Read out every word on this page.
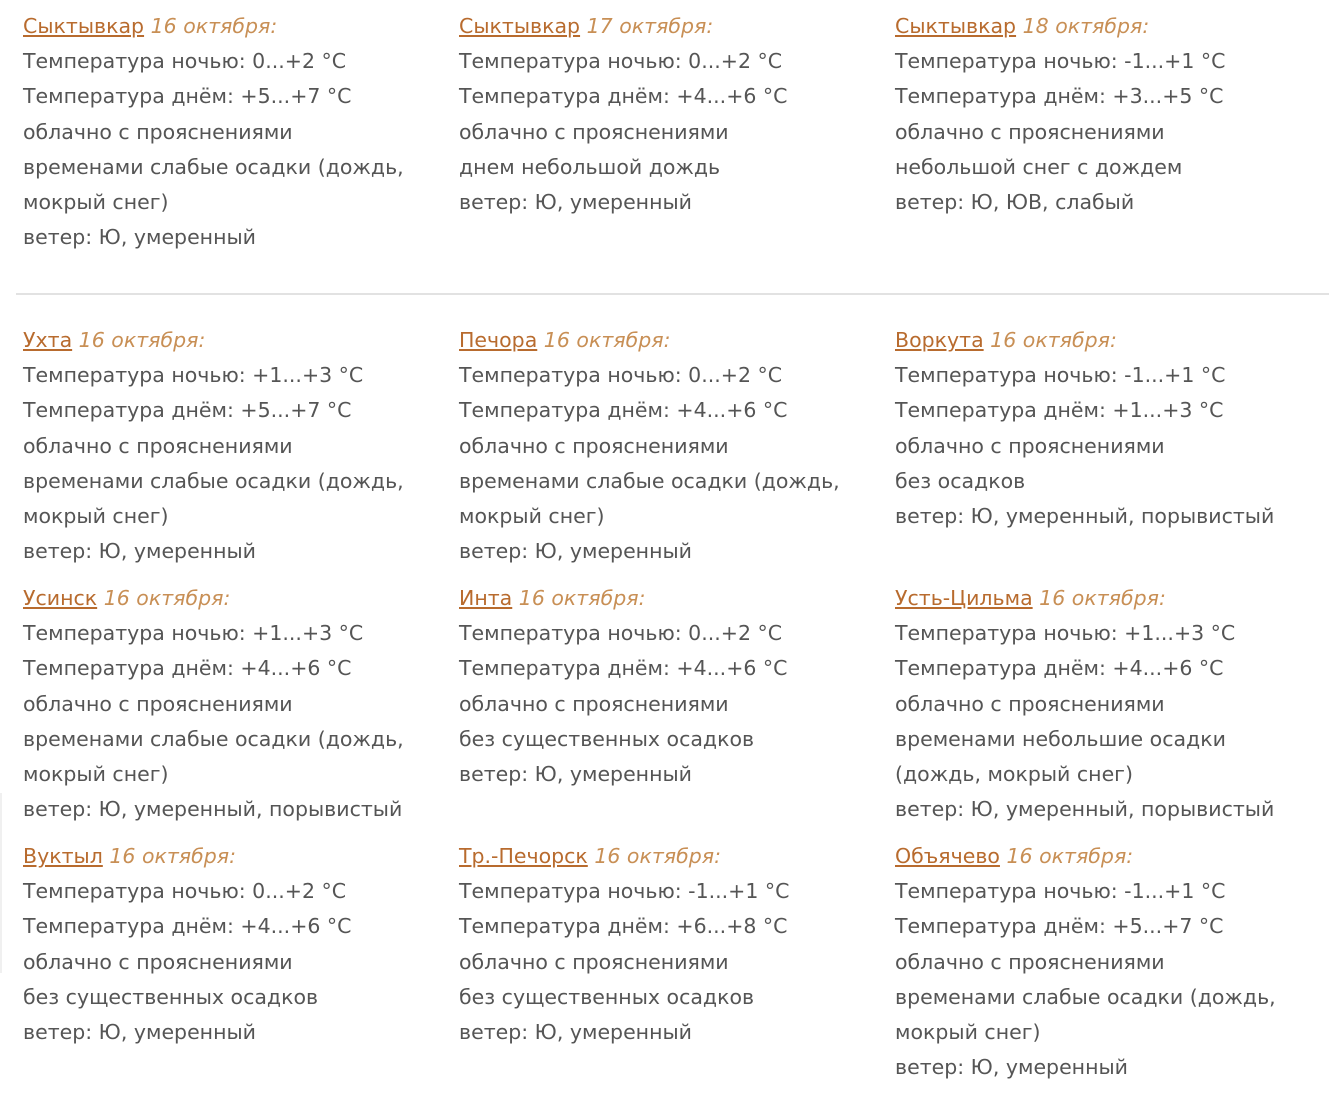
Сыктывкар 16 октября:

Температура ночью: 0...+2 °C

Температура днём: +5...+7 °C

облачно с прояснениями

временами слабые осадки (дождь, мокрый снег)

ветер: Ю, умеренный

Сыктывкар 17 октября:

Температура ночью: 0...+2 °C

Температура днём: +4...+6 °C

облачно с прояснениями

днем небольшой дождь

ветер: Ю, умеренный

Сыктывкар 18 октября:

Температура ночью: -1...+1 °C

Температура днём: +3...+5 °C

облачно с прояснениями

небольшой снег с дождем

ветер: Ю, ЮВ, слабый

Ухта 16 октября:

Температура ночью: +1...+3 °C

Температура днём: +5...+7 °C

облачно с прояснениями

временами слабые осадки (дождь, мокрый снег)

ветер: Ю, умеренный

Печора 16 октября:

Температура ночью: 0...+2 °C

Температура днём: +4...+6 °C

облачно с прояснениями

временами слабые осадки (дождь, мокрый снег)

ветер: Ю, умеренный

Воркута 16 октября:

Температура ночью: -1...+1 °C

Температура днём: +1...+3 °C

облачно с прояснениями

без осадков

ветер: Ю, умеренный, порывистый

Усинск 16 октября:

Температура ночью: +1...+3 °C

Температура днём: +4...+6 °C

облачно с прояснениями

временами слабые осадки (дождь, мокрый снег)

ветер: Ю, умеренный, порывистый

Инта 16 октября:

Температура ночью: 0...+2 °C

Температура днём: +4...+6 °C

облачно с прояснениями

без существенных осадков

ветер: Ю, умеренный

Усть-Цильма 16 октября:

Температура ночью: +1...+3 °C

Температура днём: +4...+6 °C

облачно с прояснениями

временами небольшие осадки (дождь, мокрый снег)

ветер: Ю, умеренный, порывистый

Вуктыл 16 октября:

Температура ночью: 0...+2 °C

Температура днём: +4...+6 °C

облачно с прояснениями

без существенных осадков

ветер: Ю, умеренный

Тр.-Печорск 16 октября:

Температура ночью: -1...+1 °C

Температура днём: +6...+8 °C

облачно с прояснениями

без существенных осадков

ветер: Ю, умеренный

Объячево 16 октября:

Температура ночью: -1...+1 °C

Температура днём: +5...+7 °C

облачно с прояснениями

временами слабые осадки (дождь, мокрый снег)

ветер: Ю, умеренный
